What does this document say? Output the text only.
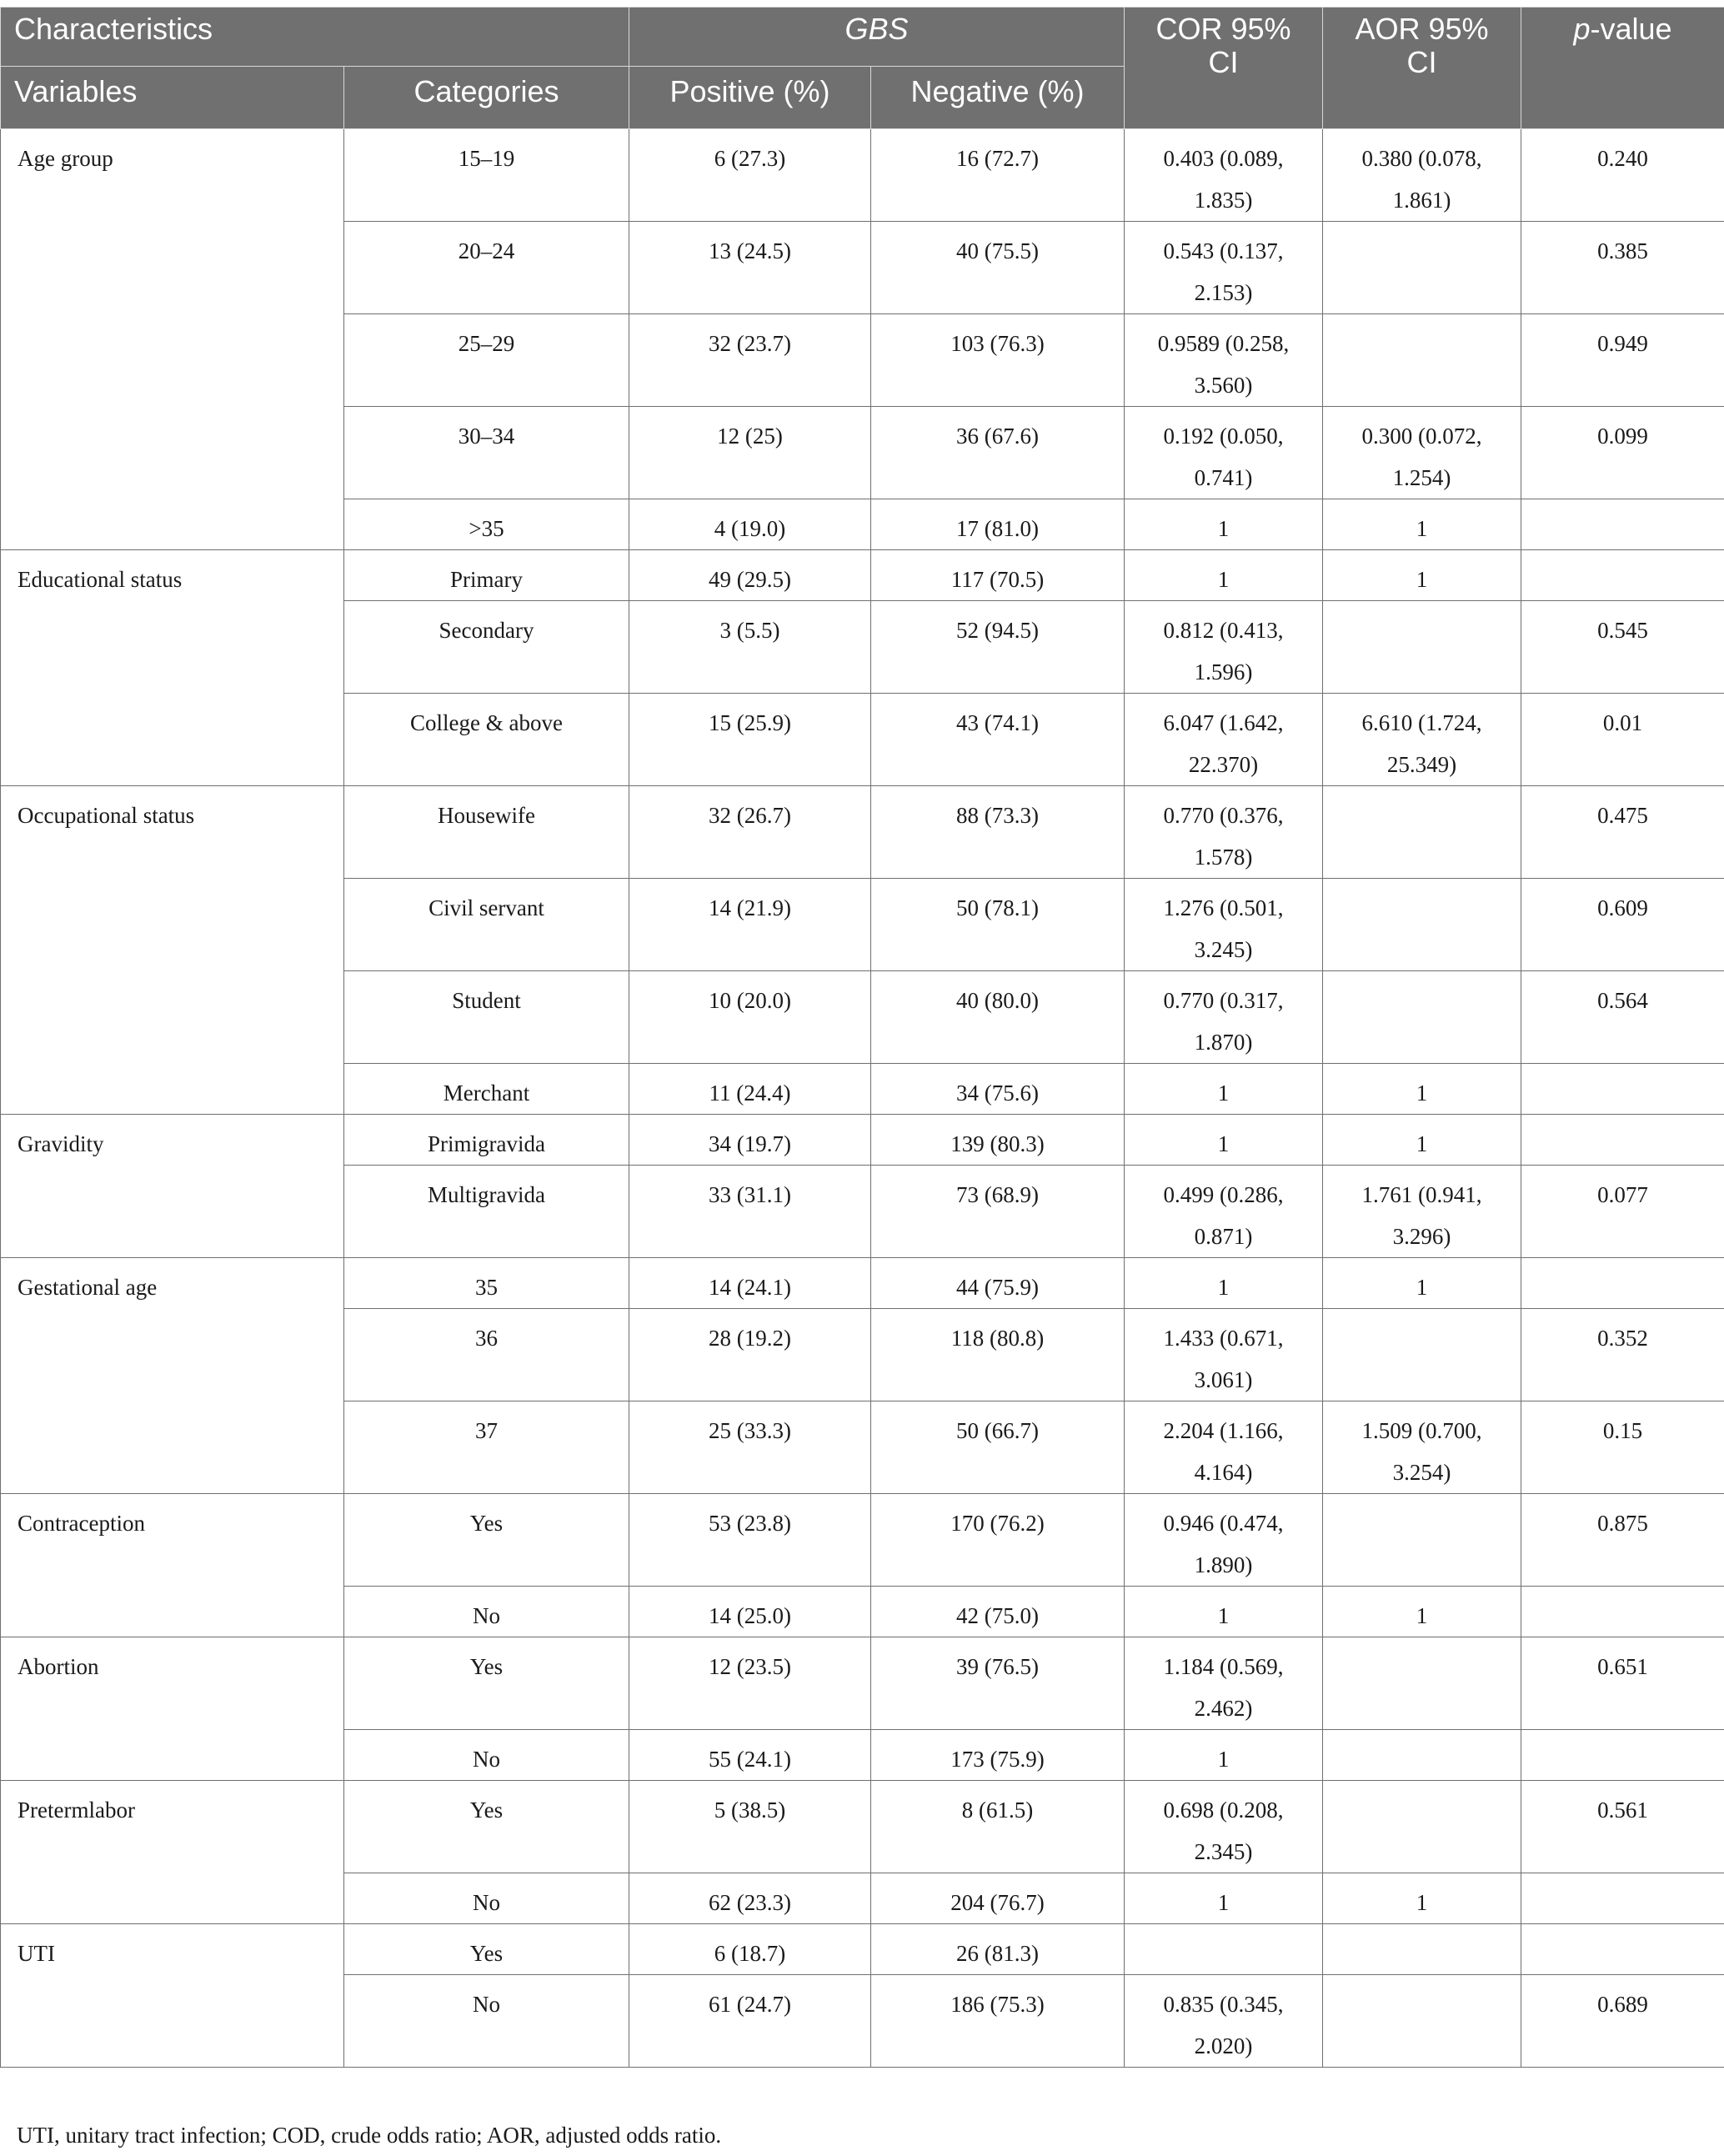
Characteristics		GBS		COR 95% CI	AOR 95% CI	p-value
Variables	Categories	Positive (%)	Negative (%)			
Age group	15–19	6 (27.3)	16 (72.7)	0.403 (0.089, 1.835)	0.380 (0.078, 1.861)	0.240
	20–24	13 (24.5)	40 (75.5)	0.543 (0.137, 2.153)		0.385
	25–29	32 (23.7)	103 (76.3)	0.9589 (0.258, 3.560)		0.949
	30–34	12 (25)	36 (67.6)	0.192 (0.050, 0.741)	0.300 (0.072, 1.254)	0.099
	>35	4 (19.0)	17 (81.0)	1	1	
Educational status	Primary	49 (29.5)	117 (70.5)	1	1	
	Secondary	3 (5.5)	52 (94.5)	0.812 (0.413, 1.596)		0.545
	College & above	15 (25.9)	43 (74.1)	6.047 (1.642, 22.370)	6.610 (1.724, 25.349)	0.01
Occupational status	Housewife	32 (26.7)	88 (73.3)	0.770 (0.376, 1.578)		0.475
	Civil servant	14 (21.9)	50 (78.1)	1.276 (0.501, 3.245)		0.609
	Student	10 (20.0)	40 (80.0)	0.770 (0.317, 1.870)		0.564
	Merchant	11 (24.4)	34 (75.6)	1	1	
Gravidity	Primigravida	34 (19.7)	139 (80.3)	1	1	
	Multigravida	33 (31.1)	73 (68.9)	0.499 (0.286, 0.871)	1.761 (0.941, 3.296)	0.077
Gestational age	35	14 (24.1)	44 (75.9)	1	1	
	36	28 (19.2)	118 (80.8)	1.433 (0.671, 3.061)		0.352
	37	25 (33.3)	50 (66.7)	2.204 (1.166, 4.164)	1.509 (0.700, 3.254)	0.15
Contraception	Yes	53 (23.8)	170 (76.2)	0.946 (0.474, 1.890)		0.875
	No	14 (25.0)	42 (75.0)	1	1	
Abortion	Yes	12 (23.5)	39 (76.5)	1.184 (0.569, 2.462)		0.651
	No	55 (24.1)	173 (75.9)	1		
Pretermlabor	Yes	5 (38.5)	8 (61.5)	0.698 (0.208, 2.345)		0.561
	No	62 (23.3)	204 (76.7)	1	1	
UTI	Yes	6 (18.7)	26 (81.3)			
	No	61 (24.7)	186 (75.3)	0.835 (0.345, 2.020)		0.689
UTI, unitary tract infection; COD, crude odds ratio; AOR, adjusted odds ratio.
